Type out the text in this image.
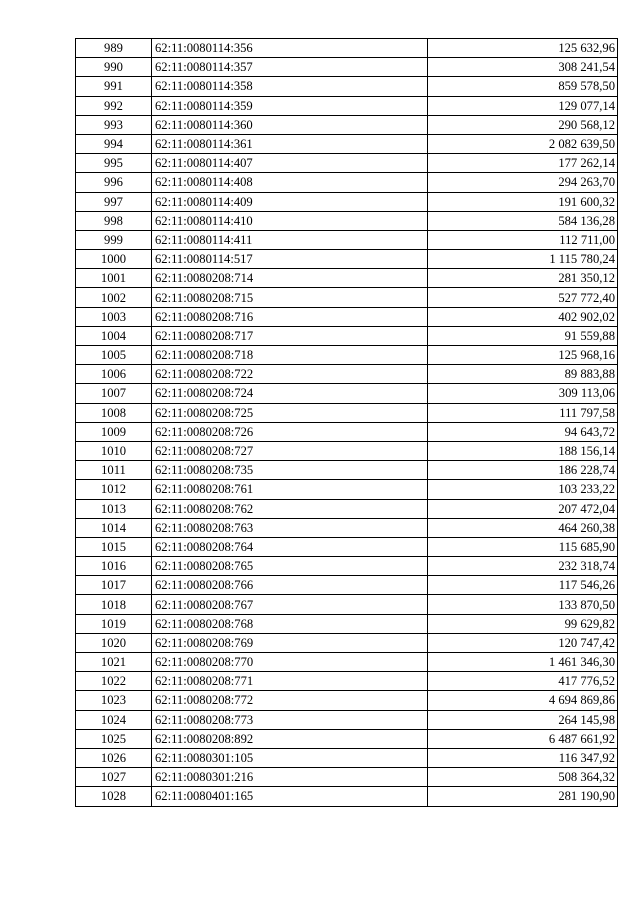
989	62:11:0080114:356	125 632,96
990	62:11:0080114:357	308 241,54
991	62:11:0080114:358	859 578,50
992	62:11:0080114:359	129 077,14
993	62:11:0080114:360	290 568,12
994	62:11:0080114:361	2 082 639,50
995	62:11:0080114:407	177 262,14
996	62:11:0080114:408	294 263,70
997	62:11:0080114:409	191 600,32
998	62:11:0080114:410	584 136,28
999	62:11:0080114:411	112 711,00
1000	62:11:0080114:517	1 115 780,24
1001	62:11:0080208:714	281 350,12
1002	62:11:0080208:715	527 772,40
1003	62:11:0080208:716	402 902,02
1004	62:11:0080208:717	91 559,88
1005	62:11:0080208:718	125 968,16
1006	62:11:0080208:722	89 883,88
1007	62:11:0080208:724	309 113,06
1008	62:11:0080208:725	111 797,58
1009	62:11:0080208:726	94 643,72
1010	62:11:0080208:727	188 156,14
1011	62:11:0080208:735	186 228,74
1012	62:11:0080208:761	103 233,22
1013	62:11:0080208:762	207 472,04
1014	62:11:0080208:763	464 260,38
1015	62:11:0080208:764	115 685,90
1016	62:11:0080208:765	232 318,74
1017	62:11:0080208:766	117 546,26
1018	62:11:0080208:767	133 870,50
1019	62:11:0080208:768	99 629,82
1020	62:11:0080208:769	120 747,42
1021	62:11:0080208:770	1 461 346,30
1022	62:11:0080208:771	417 776,52
1023	62:11:0080208:772	4 694 869,86
1024	62:11:0080208:773	264 145,98
1025	62:11:0080208:892	6 487 661,92
1026	62:11:0080301:105	116 347,92
1027	62:11:0080301:216	508 364,32
1028	62:11:0080401:165	281 190,90
